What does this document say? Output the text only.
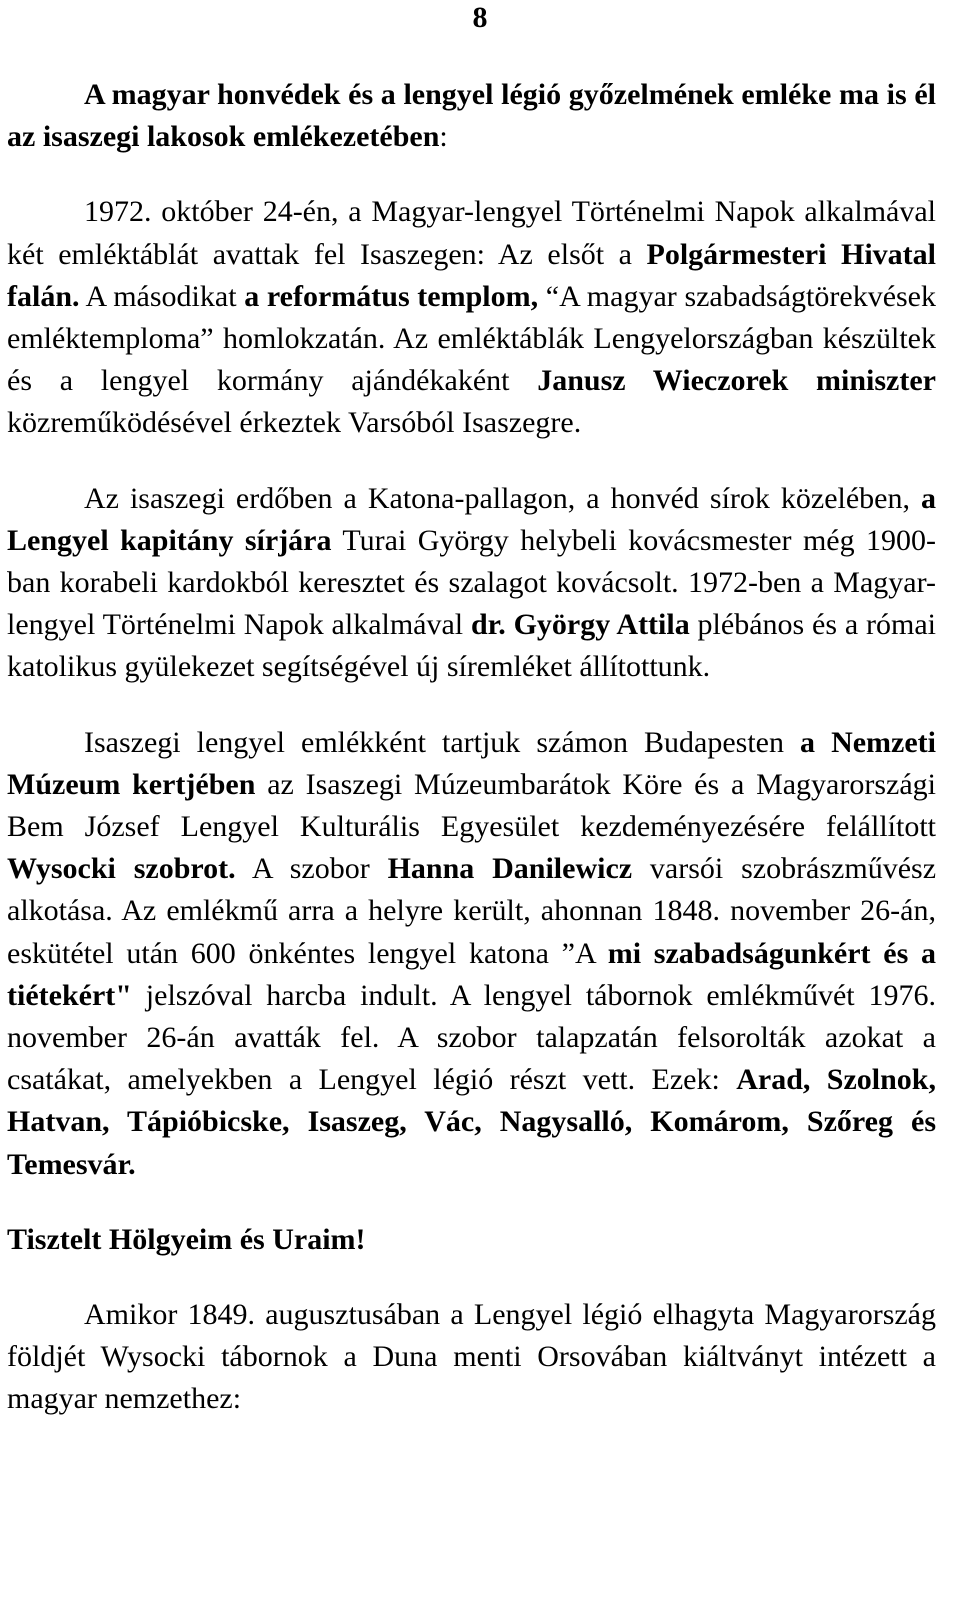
8

A magyar honvédek és a lengyel légió győzelmének emléke ma is él az isaszegi lakosok emlékezetében:

1972. október 24-én, a Magyar-lengyel Történelmi Napok alkalmával két emléktáblát avattak fel Isaszegen: Az elsőt a Polgármesteri Hivatal falán. A másodikat a református templom, “A magyar szabadságtörekvések emléktemploma” homlokzatán. Az emléktáblák Lengyelországban készültek és a lengyel kormány ajándékaként Janusz Wieczorek miniszter közreműködésével érkeztek Varsóból Isaszegre.

Az isaszegi erdőben a Katona-pallagon, a honvéd sírok közelében, a Lengyel kapitány sírjára Turai György helybeli kovácsmester még 1900-ban korabeli kardokból keresztet és szalagot kovácsolt. 1972-ben a Magyar-lengyel Történelmi Napok alkalmával dr. György Attila plébános és a római katolikus gyülekezet segítségével új síremléket állítottunk.

Isaszegi lengyel emlékként tartjuk számon Budapesten a Nemzeti Múzeum kertjében az Isaszegi Múzeumbarátok Köre és a Magyarországi Bem József Lengyel Kulturális Egyesület kezdeményezésére felállított Wysocki szobrot. A szobor Hanna Danilewicz varsói szobrászművész alkotása. Az emlékmű arra a helyre került, ahonnan 1848. november 26-án, eskütétel után 600 önkéntes lengyel katona ”A mi szabadságunkért és a tiétekért" jelszóval harcba indult. A lengyel tábornok emlékművét 1976. november 26-án avatták fel. A szobor talapzatán felsorolták azokat a csatákat, amelyekben a Lengyel légió részt vett. Ezek: Arad, Szolnok, Hatvan, Tápióbicske, Isaszeg, Vác, Nagysalló, Komárom, Szőreg és Temesvár.

Tisztelt Hölgyeim és Uraim!

Amikor 1849. augusztusában a Lengyel légió elhagyta Magyarország földjét Wysocki tábornok a Duna menti Orsovában kiáltványt intézett a magyar nemzethez:
